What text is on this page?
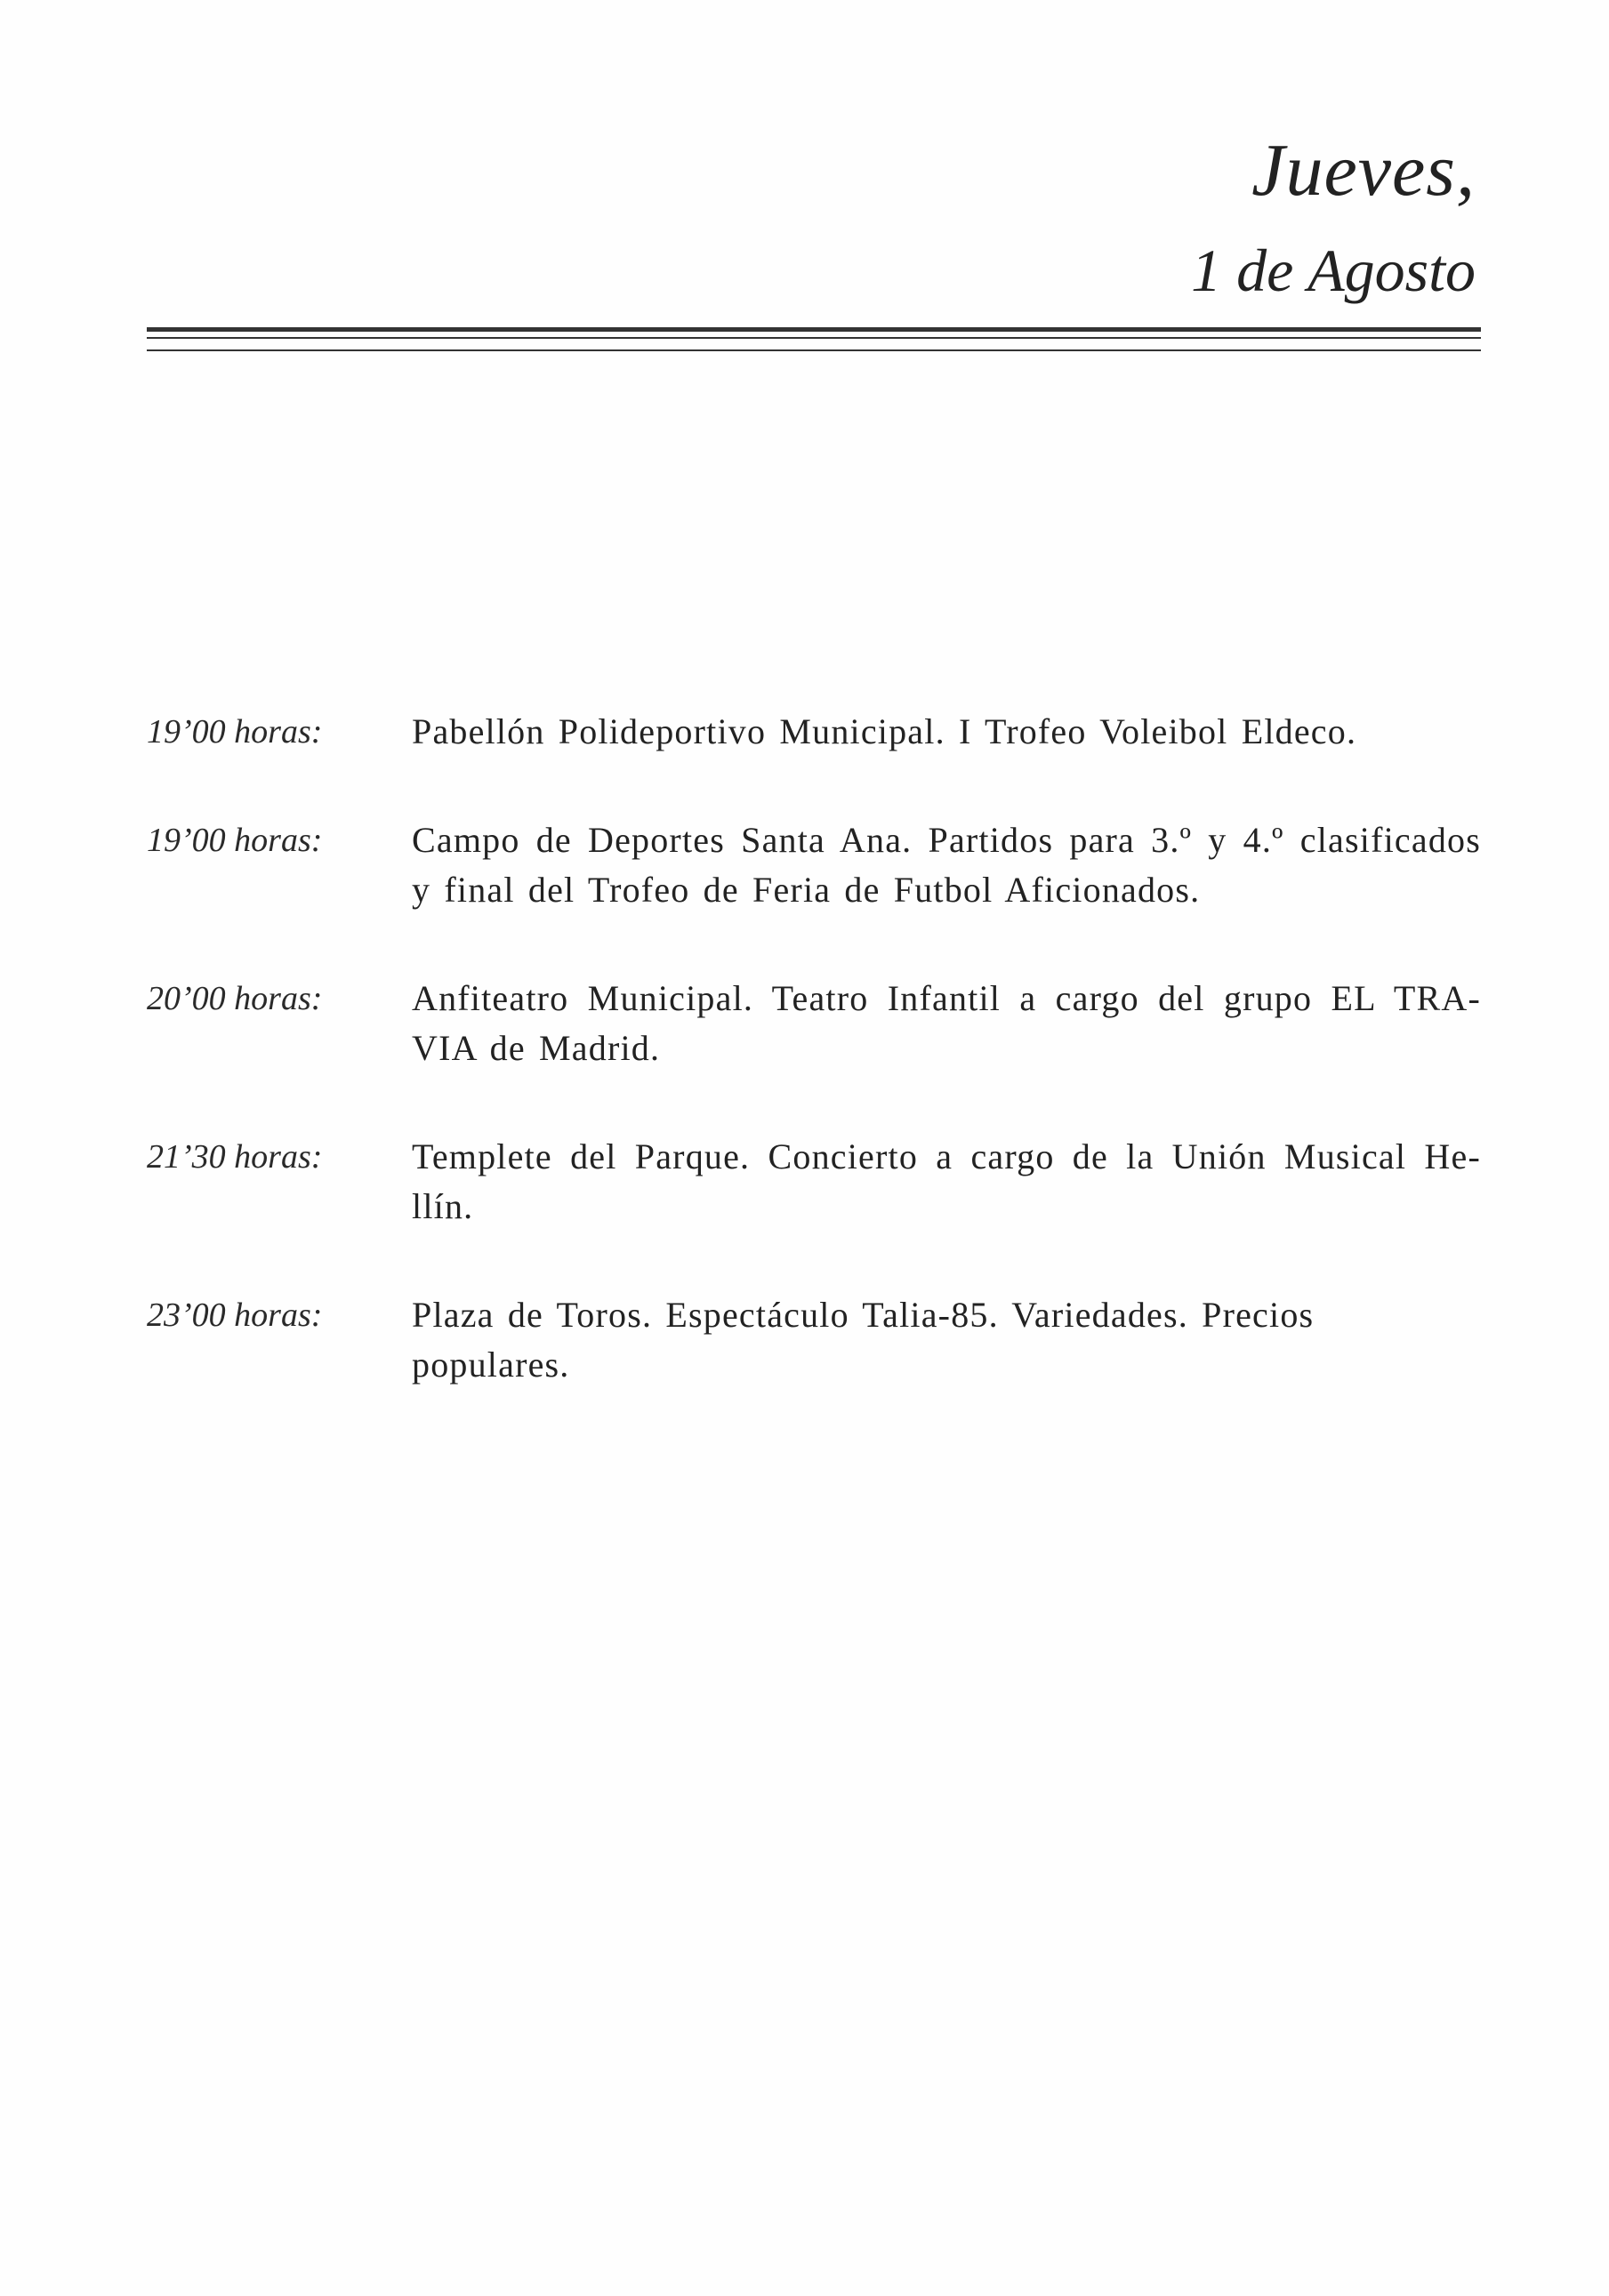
Jueves,
1 de Agosto
19’00 horas:	Pabellón Polideportivo Municipal. I Trofeo Voleibol Eldeco.
19’00 horas:	Campo de Deportes Santa Ana. Partidos para 3.º y 4.º clasificados
y final del Trofeo de Feria de Futbol Aficionados.
20’00 horas:	Anfiteatro Municipal. Teatro Infantil a cargo del grupo EL TRA-
VIA de Madrid.
21’30 horas:	Templete del Parque. Concierto a cargo de la Unión Musical He-
llín.
23’00 horas:	Plaza de Toros. Espectáculo Talia-85. Variedades. Precios
populares.
